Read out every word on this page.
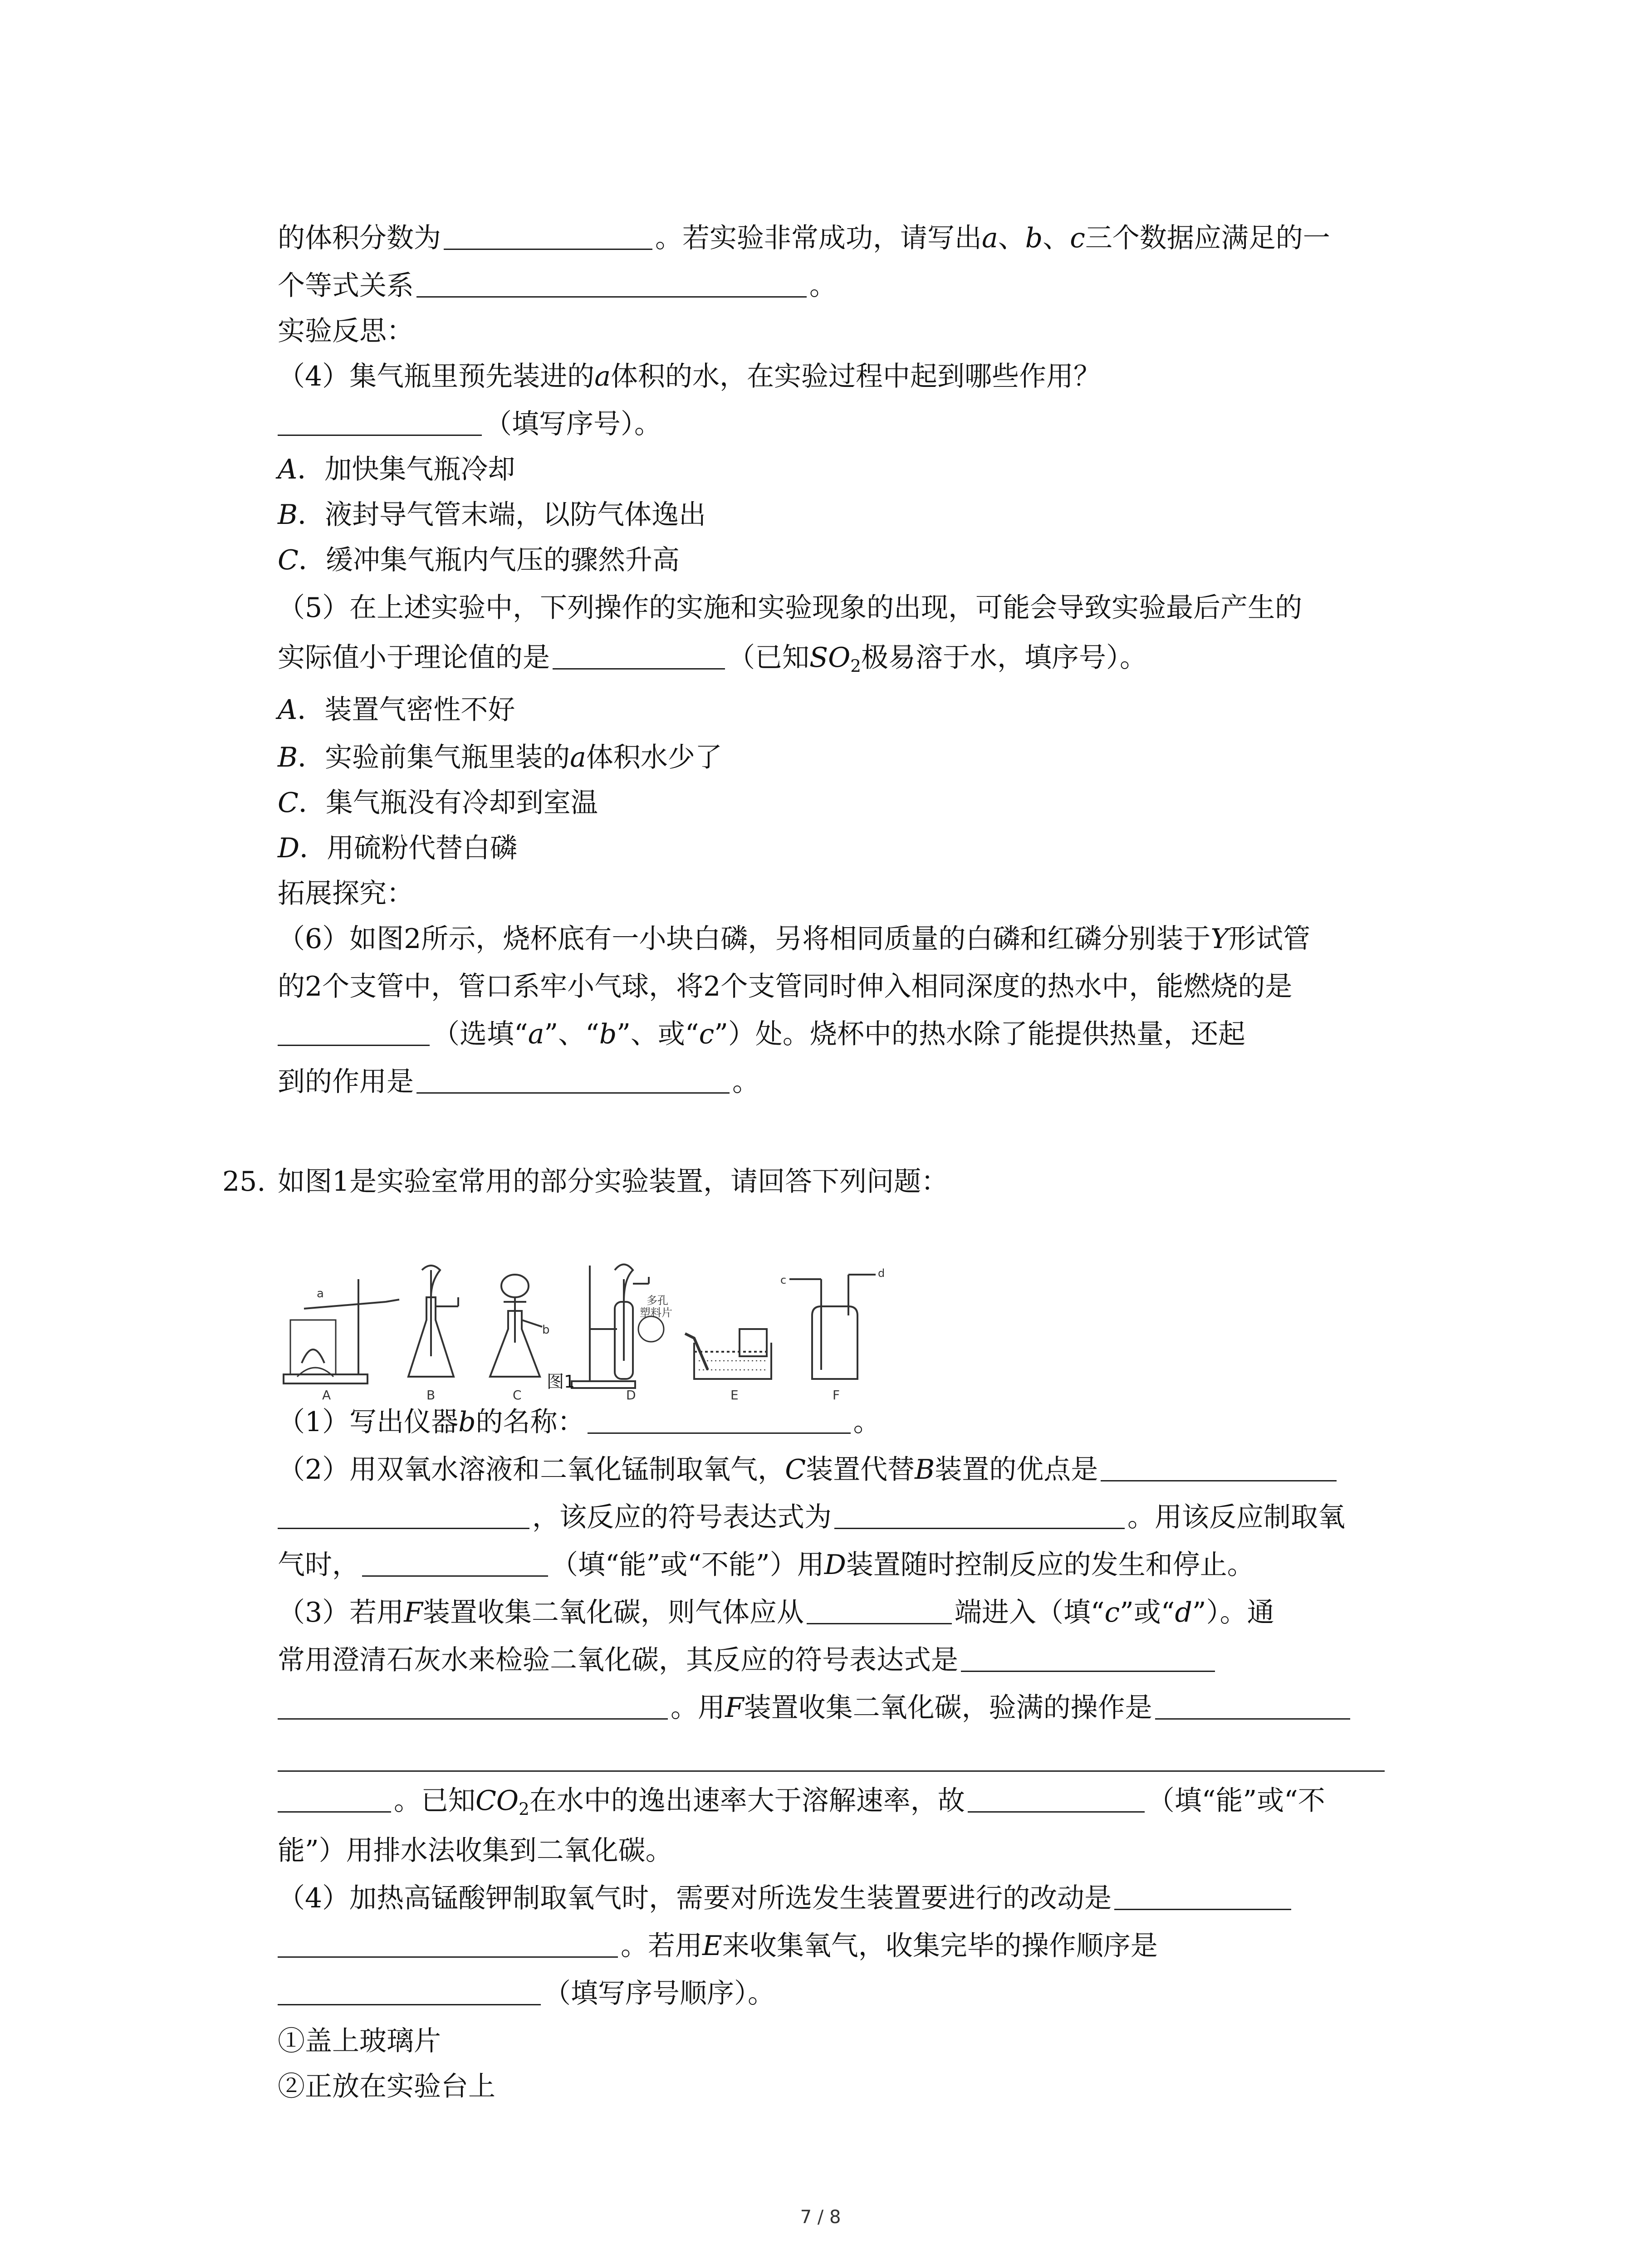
的体积分数为	。若实验非常成功，请写出a、b、c三个数据应满足的一
个等式关系	。
实验反思：
（4）集气瓶里预先装进的a体积的水，在实验过程中起到哪些作用？
（填写序号）。
A．加快集气瓶冷却
B．液封导气管末端，以防气体逸出
C．缓冲集气瓶内气压的骤然升高
（5）在上述实验中，下列操作的实施和实验现象的出现，可能会导致实验最后产生的
实际值小于理论值的是	（已知$SO_2$极易溶于水，填序号）。
A．装置气密性不好
B．实验前集气瓶里装的a体积水少了
C．集气瓶没有冷却到室温
D．用硫粉代替白磷
拓展探究：
（6）如图2所示，烧杯底有一小块白磷，另将相同质量的白磷和红磷分别装于Y形试管
的2个支管中，管口系牢小气球，将2个支管同时伸入相同深度的热水中，能燃烧的是
（选填“a”、“b”、或“c”）处。烧杯中的热水除了能提供热量，还起
到的作用是	。
25. 如图1是实验室常用的部分实验装置，请回答下列问题：
a
b
多孔
塑料片
c
d
A	B	C	D	E	F
图1
（1）写出仪器b的名称：	。
（2）用双氧水溶液和二氧化锰制取氧气，C装置代替B装置的优点是
，该反应的符号表达式为	。用该反应制取氧
气时，	（填“能”或“不能”）用D装置随时控制反应的发生和停止。
（3）若用F装置收集二氧化碳，则气体应从	端进入（填“c”或“d”）。通
常用澄清石灰水来检验二氧化碳，其反应的符号表达式是
。用F装置收集二氧化碳，验满的操作是
。已知$CO_2$在水中的逸出速率大于溶解速率，故	（填“能”或“不
能”）用排水法收集到二氧化碳。
（4）加热高锰酸钾制取氧气时，需要对所选发生装置要进行的改动是
。若用E来收集氧气，收集完毕的操作顺序是
（填写序号顺序）。
①盖上玻璃片
②正放在实验台上
7 / 8
